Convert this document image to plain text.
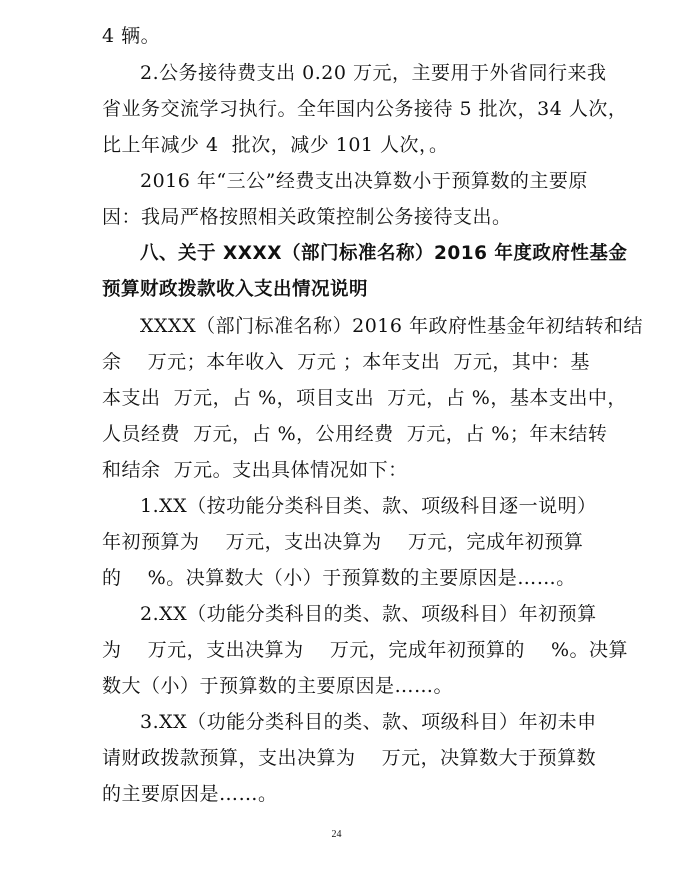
4 辆。
2.公务接待费支出 0.20 万元，主要用于外省同行来我
省业务交流学习执行。全年国内公务接待 5 批次，34 人次，
比上年减少 4  批次，减少 101 人次，。
2016 年“三公”经费支出决算数小于预算数的主要原
因：我局严格按照相关政策控制公务接待支出。
八、关于 XXXX（部门标准名称）2016 年度政府性基金
预算财政拨款收入支出情况说明
XXXX（部门标准名称）2016 年政府性基金年初结转和结
余    万元；本年收入  万元 ；本年支出  万元，其中：基
本支出  万元，占 %，项目支出  万元，占 %，基本支出中，
人员经费  万元，占 %，公用经费  万元，占 %；年末结转
和结余  万元。支出具体情况如下：
1.XX（按功能分类科目类、款、项级科目逐一说明）
年初预算为    万元，支出决算为    万元，完成年初预算
的    %。决算数大（小）于预算数的主要原因是……。
2.XX（功能分类科目的类、款、项级科目）年初预算
为    万元，支出决算为    万元，完成年初预算的    %。决算
数大（小）于预算数的主要原因是……。
3.XX（功能分类科目的类、款、项级科目）年初未申
请财政拨款预算，支出决算为    万元，决算数大于预算数
的主要原因是……。
24
